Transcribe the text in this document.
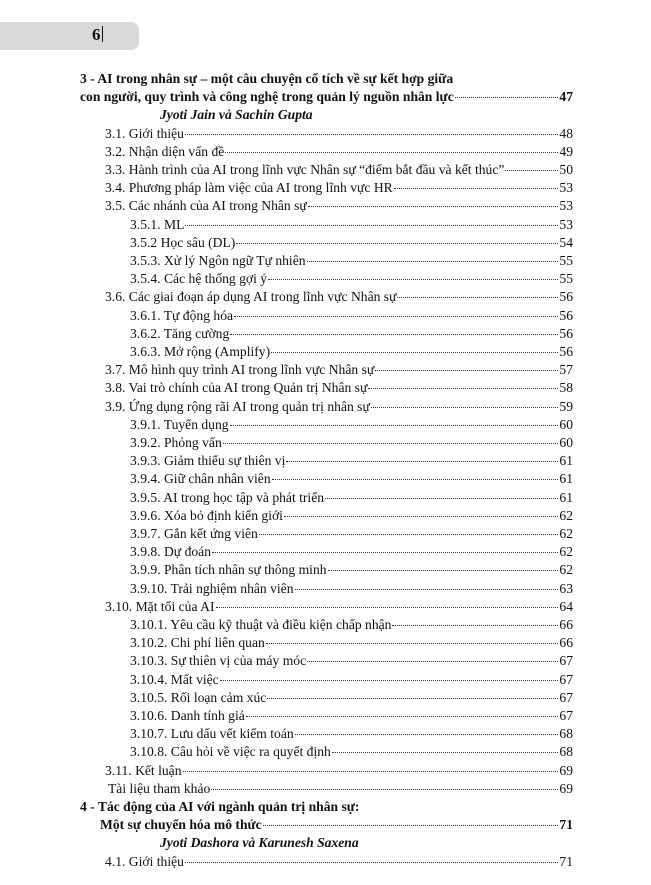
6
3 - AI trong nhân sự – một câu chuyện cổ tích về sự kết hợp giữa
con người, quy trình và công nghệ trong quản lý nguồn nhân lực	47
Jyoti Jain và Sachin Gupta
3.1. Giới thiệu	48
3.2. Nhận diện vấn đề	49
3.3. Hành trình của AI trong lĩnh vực Nhân sự “điểm bắt đầu và kết thúc”	50
3.4. Phương pháp làm việc của AI trong lĩnh vực HR	53
3.5. Các nhánh của AI trong Nhân sự	53
3.5.1. ML	53
3.5.2 Học sâu (DL)	54
3.5.3. Xử lý Ngôn ngữ Tự nhiên	55
3.5.4. Các hệ thống gợi ý	55
3.6. Các giai đoạn áp dụng AI trong lĩnh vực Nhân sự	56
3.6.1. Tự động hóa	56
3.6.2. Tăng cường	56
3.6.3. Mở rộng (Amplify)	56
3.7. Mô hình quy trình AI trong lĩnh vực Nhân sự	57
3.8. Vai trò chính của AI trong Quản trị Nhân sự	58
3.9. Ứng dụng rộng rãi AI trong quản trị nhân sự	59
3.9.1. Tuyển dụng	60
3.9.2. Phỏng vấn	60
3.9.3. Giảm thiểu sự thiên vị	61
3.9.4. Giữ chân nhân viên	61
3.9.5. AI trong học tập và phát triển	61
3.9.6. Xóa bỏ định kiến giới	62
3.9.7. Gắn kết ứng viên	62
3.9.8. Dự đoán	62
3.9.9. Phân tích nhân sự thông minh	62
3.9.10. Trải nghiệm nhân viên	63
3.10. Mặt tối của AI	64
3.10.1. Yêu cầu kỹ thuật và điều kiện chấp nhận	66
3.10.2. Chi phí liên quan	66
3.10.3. Sự thiên vị của máy móc	67
3.10.4. Mất việc	67
3.10.5. Rối loạn cảm xúc	67
3.10.6. Danh tính giả	67
3.10.7. Lưu dấu vết kiểm toán	68
3.10.8. Câu hỏi về việc ra quyết định	68
3.11. Kết luận	69
Tài liệu tham khảo	69
4 - Tác động của AI với ngành quản trị nhân sự:
Một sự chuyển hóa mô thức	71
Jyoti Dashora và Karunesh Saxena
4.1. Giới thiệu	71
